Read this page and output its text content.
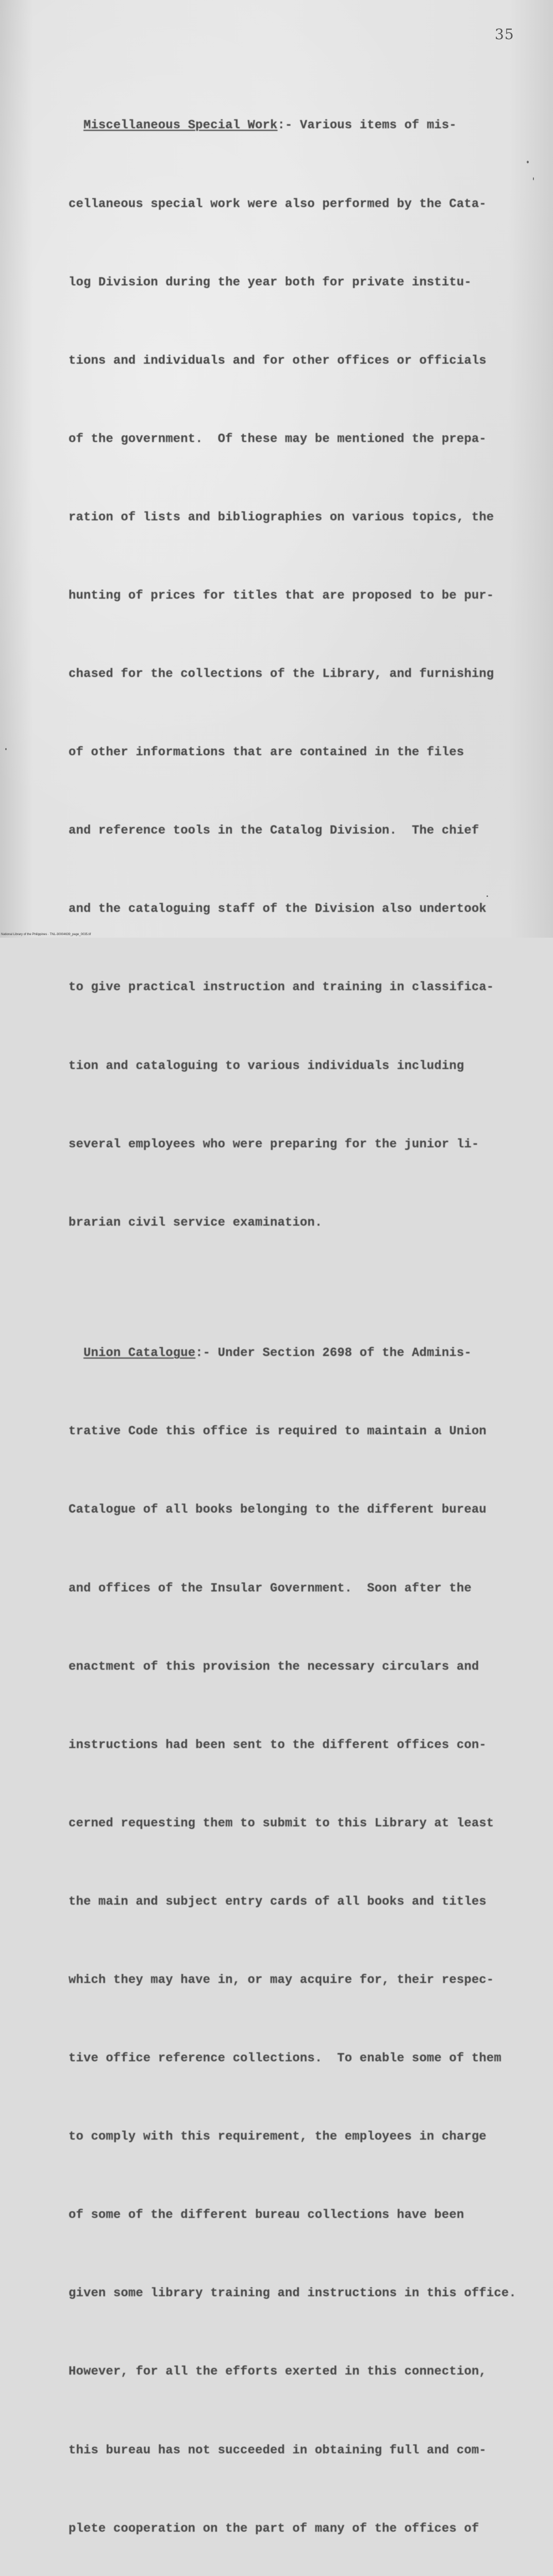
35

Miscellaneous Special Work:- Various items of mis-

cellaneous special work were also performed by the Cata-

log Division during the year both for private institu-

tions and individuals and for other offices or officials

of the government.  Of these may be mentioned the prepa-

ration of lists and bibliographies on various topics, the

hunting of prices for titles that are proposed to be pur-

chased for the collections of the Library, and furnishing

of other informations that are contained in the files

and reference tools in the Catalog Division.  The chief

and the cataloguing staff of the Division also undertook

to give practical instruction and training in classifica-

tion and cataloguing to various individuals including

several employees who were preparing for the junior li-

brarian civil service examination.

Union Catalogue:- Under Section 2698 of the Adminis-

trative Code this office is required to maintain a Union

Catalogue of all books belonging to the different bureau

and offices of the Insular Government.  Soon after the

enactment of this provision the necessary circulars and

instructions had been sent to the different offices con-

cerned requesting them to submit to this Library at least

the main and subject entry cards of all books and titles

which they may have in, or may acquire for, their respec-

tive office reference collections.  To enable some of them

to comply with this requirement, the employees in charge

of some of the different bureau collections have been

given some library training and instructions in this office.

However, for all the efforts exerted in this connection,

this bureau has not succeeded in obtaining full and com-

plete cooperation on the part of many of the offices of

National Library of the Philippines · TNL-30004639_page_0035.tif
